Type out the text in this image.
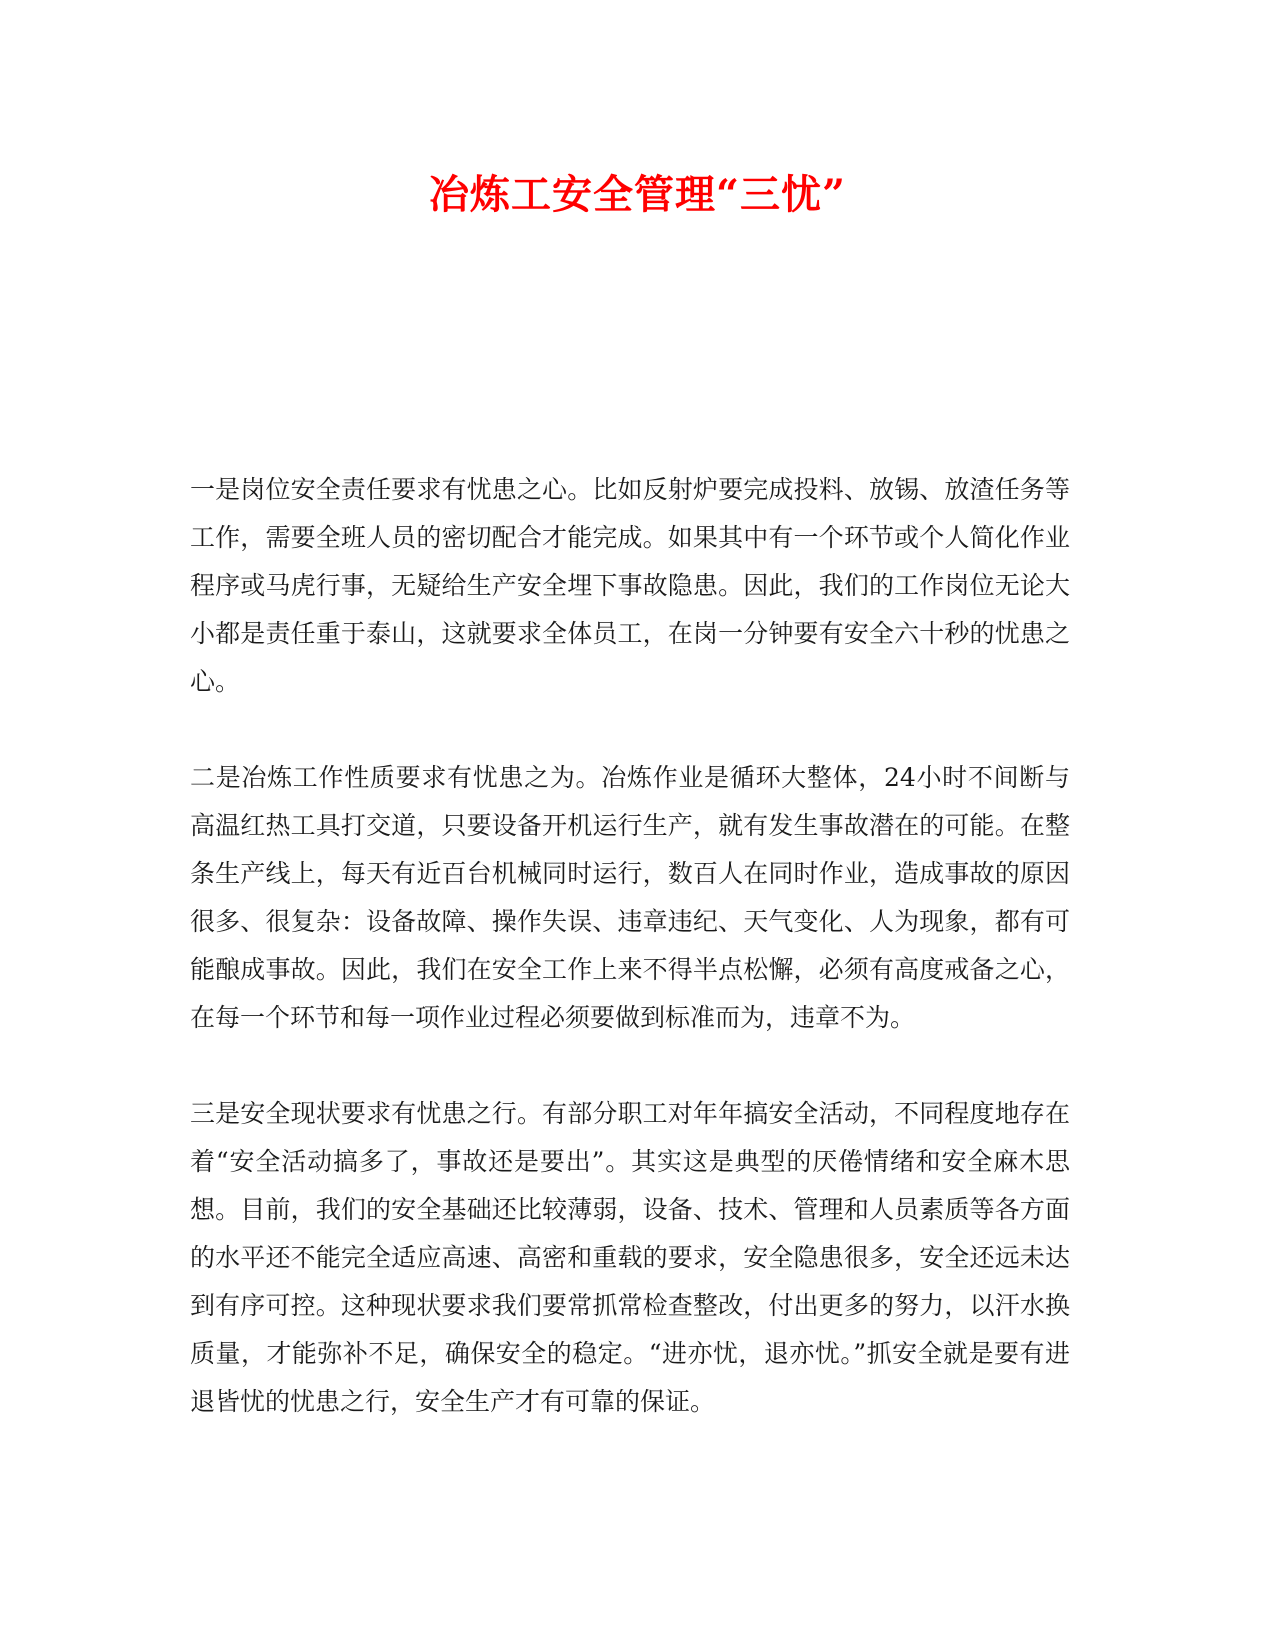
冶炼工安全管理“三忧”

一是岗位安全责任要求有忧患之心。比如反射炉要完成投料、放锡、放渣任务等工作，需要全班人员的密切配合才能完成。如果其中有一个环节或个人简化作业程序或马虎行事，无疑给生产安全埋下事故隐患。因此，我们的工作岗位无论大小都是责任重于泰山，这就要求全体员工，在岗一分钟要有安全六十秒的忧患之心。

二是冶炼工作性质要求有忧患之为。冶炼作业是循环大整体，24小时不间断与高温红热工具打交道，只要设备开机运行生产，就有发生事故潜在的可能。在整条生产线上，每天有近百台机械同时运行，数百人在同时作业，造成事故的原因很多、很复杂：设备故障、操作失误、违章违纪、天气变化、人为现象，都有可能酿成事故。因此，我们在安全工作上来不得半点松懈，必须有高度戒备之心，在每一个环节和每一项作业过程必须要做到标准而为，违章不为。

三是安全现状要求有忧患之行。有部分职工对年年搞安全活动，不同程度地存在着“安全活动搞多了，事故还是要出”。其实这是典型的厌倦情绪和安全麻木思想。目前，我们的安全基础还比较薄弱，设备、技术、管理和人员素质等各方面的水平还不能完全适应高速、高密和重载的要求，安全隐患很多，安全还远未达到有序可控。这种现状要求我们要常抓常检查整改，付出更多的努力，以汗水换质量，才能弥补不足，确保安全的稳定。“进亦忧，退亦忧。”抓安全就是要有进退皆忧的忧患之行，安全生产才有可靠的保证。
